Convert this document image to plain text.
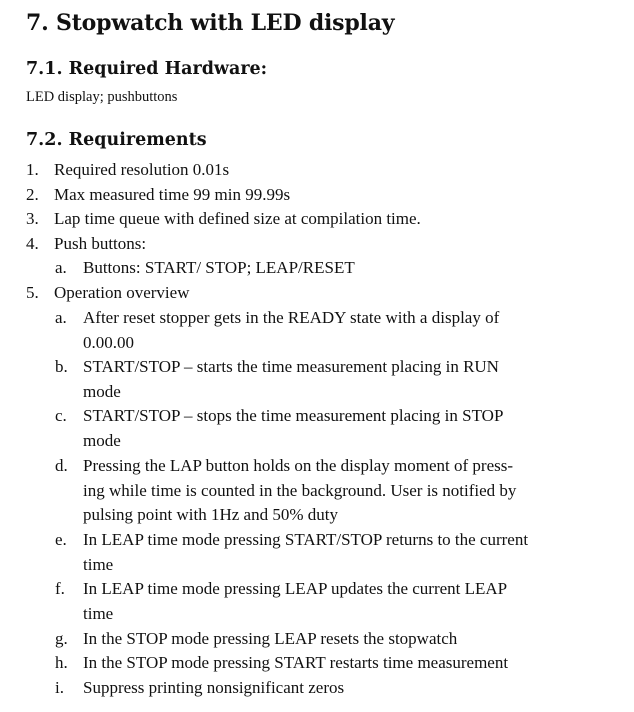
7. Stopwatch with LED display
7.1. Required Hardware:
LED display; pushbuttons
7.2. Requirements
1. Required resolution 0.01s
2. Max measured time 99 min 99.99s
3. Lap time queue with defined size at compilation time.
4. Push buttons:
a. Buttons: START/ STOP; LEAP/RESET
5. Operation overview
a. After reset stopper gets in the READY state with a display of
0.00.00
b. START/STOP – starts the time measurement placing in RUN
mode
c. START/STOP – stops the time measurement placing in STOP
mode
d. Pressing the LAP button holds on the display moment of press-
ing while time is counted in the background. User is notified by
pulsing point with 1Hz and 50% duty
e. In LEAP time mode pressing START/STOP returns to the current
time
f.	In LEAP time mode pressing LEAP updates the current LEAP
time
g. In the STOP mode pressing LEAP resets the stopwatch
h. In the STOP mode pressing START restarts time measurement
i.	Suppress printing nonsignificant zeros
